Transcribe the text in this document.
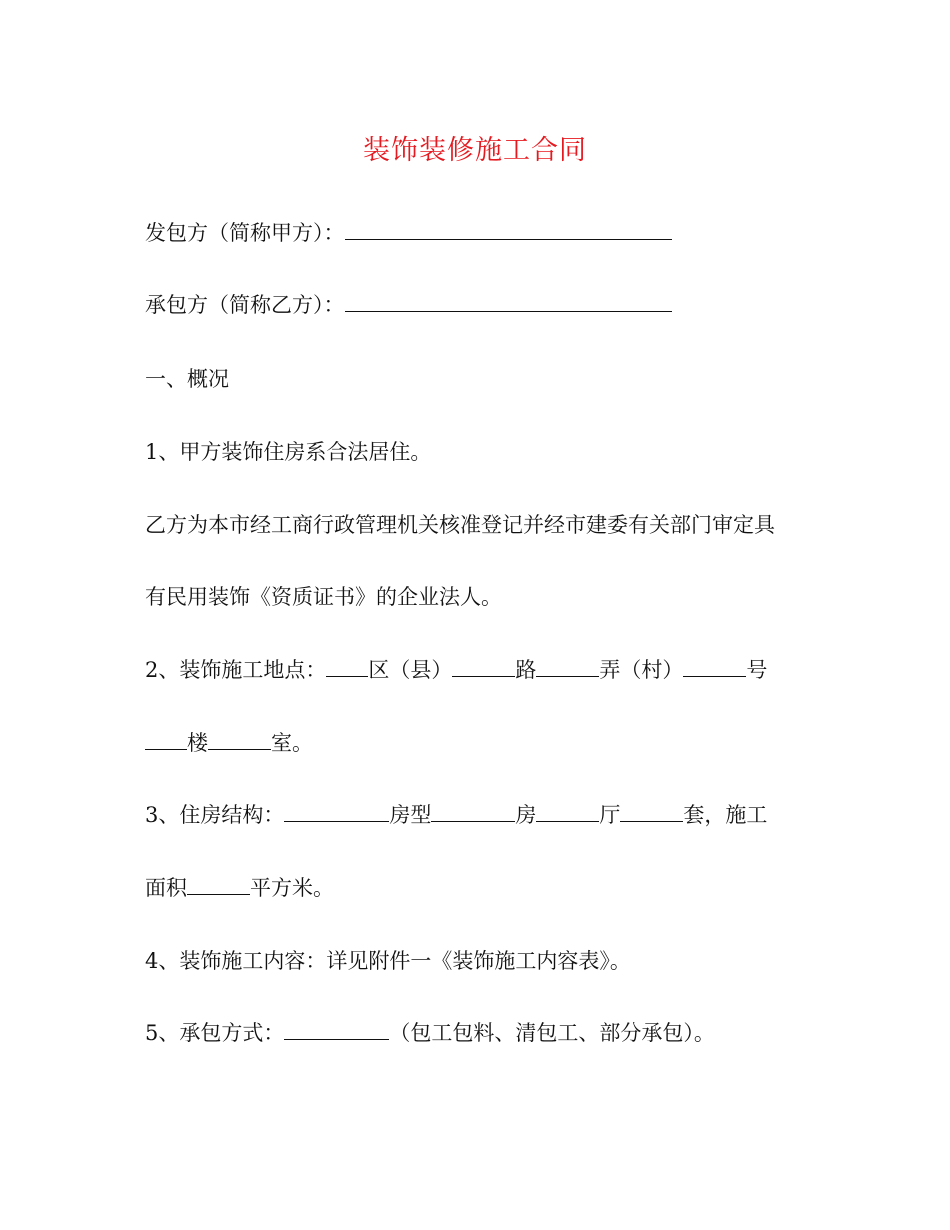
装饰装修施工合同
发包方（简称甲方）：
承包方（简称乙方）：
一、概况
1、甲方装饰住房系合法居住。
乙方为本市经工商行政管理机关核准登记并经市建委有关部门审定具
有民用装饰《资质证书》的企业法人。
2、装饰施工地点： 区（县）	路	弄（村）	号
楼	室。
3、住房结构：	房型	房	厅	套，施工
面积	平方米。
4、装饰施工内容：详见附件一《装饰施工内容表》。
5、承包方式：	（包工包料、清包工、部分承包）。
